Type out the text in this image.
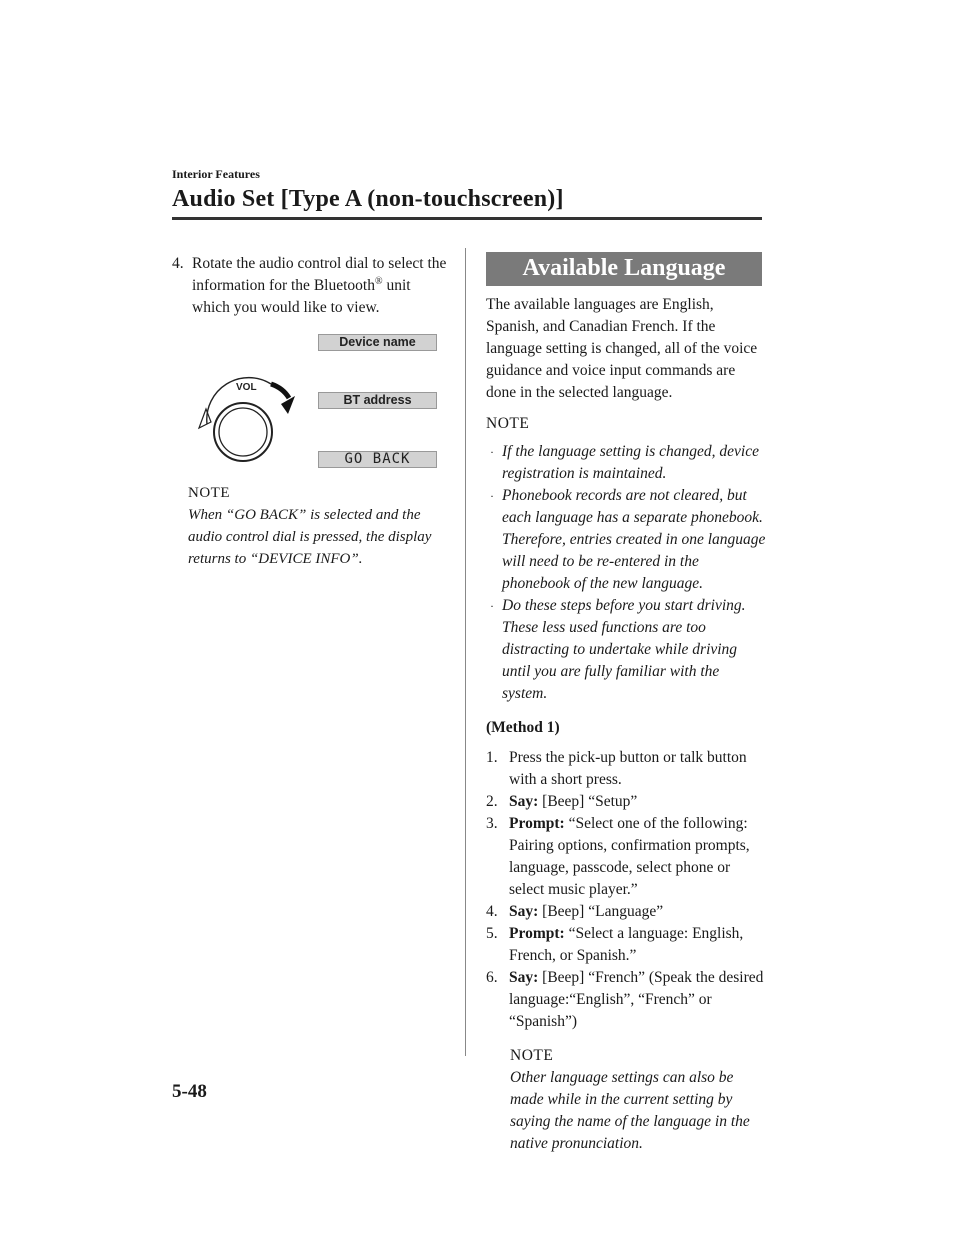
Interior Features
Audio Set [Type A (non-touchscreen)]
4. Rotate the audio control dial to select the information for the Bluetooth® unit which you would like to view.
Device name
BT address
GO BACK
VOL
NOTE
When “GO BACK” is selected and the audio control dial is pressed, the display returns to “DEVICE INFO”.
Available Language
The available languages are English, Spanish, and Canadian French. If the language setting is changed, all of the voice guidance and voice input commands are done in the selected language.
NOTE
· If the language setting is changed, device registration is maintained.
· Phonebook records are not cleared, but each language has a separate phonebook. Therefore, entries created in one language will need to be re-entered in the phonebook of the new language.
· Do these steps before you start driving. These less used functions are too distracting to undertake while driving until you are fully familiar with the system.
(Method 1)
1. Press the pick-up button or talk button with a short press.
2. Say: [Beep] “Setup”
3. Prompt: “Select one of the following: Pairing options, confirmation prompts, language, passcode, select phone or select music player.”
4. Say: [Beep] “Language”
5. Prompt: “Select a language: English, French, or Spanish.”
6. Say: [Beep] “French” (Speak the desired language:“English”, “French” or “Spanish”)
NOTE
Other language settings can also be made while in the current setting by saying the name of the language in the native pronunciation.
5-48
